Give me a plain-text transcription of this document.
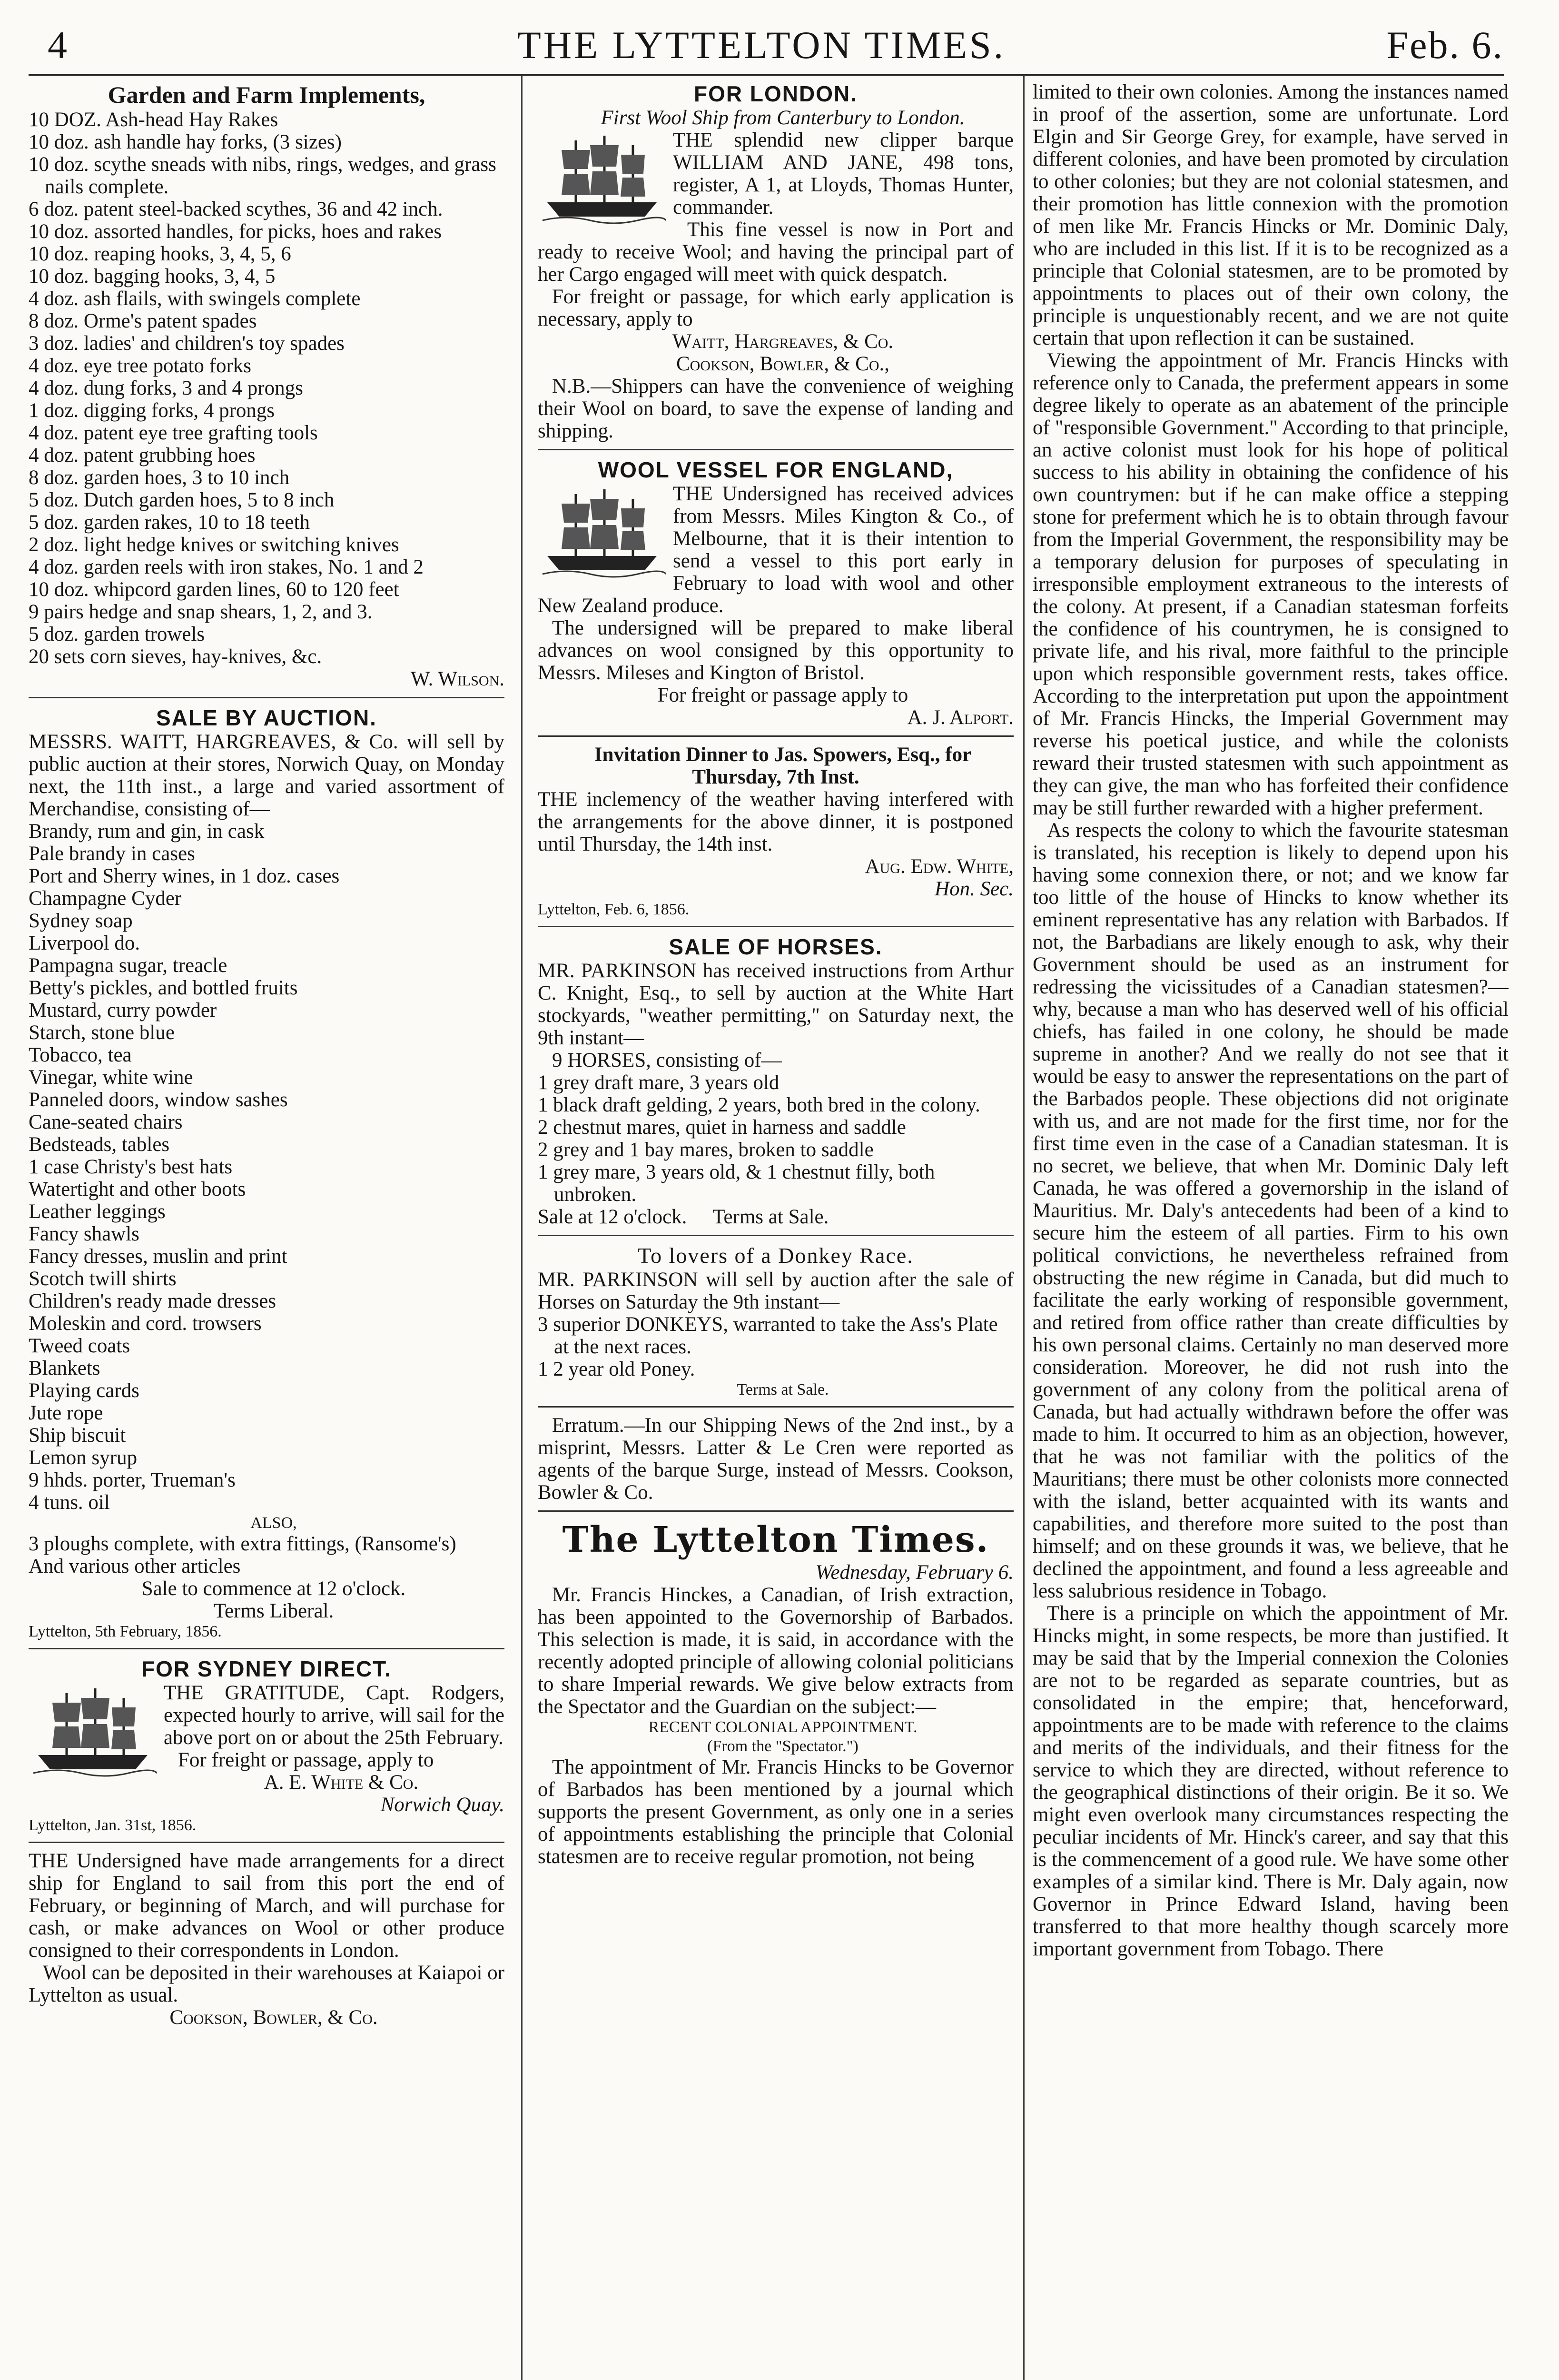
4	THE LYTTELTON TIMES.	Feb. 6.
Garden and Farm Implements,
10 DOZ. Ash-head Hay Rakes
10 doz. ash handle hay forks, (3 sizes)
10 doz. scythe sneads with nibs, rings, wedges, and grass nails complete.
6 doz. patent steel-backed scythes, 36 and 42 inch.
10 doz. assorted handles, for picks, hoes and rakes
10 doz. reaping hooks, 3, 4, 5, 6
10 doz. bagging hooks, 3, 4, 5
4 doz. ash flails, with swingels complete
8 doz. Orme's patent spades
3 doz. ladies' and children's toy spades
4 doz. eye tree potato forks
4 doz. dung forks, 3 and 4 prongs
1 doz. digging forks, 4 prongs
4 doz. patent eye tree grafting tools
4 doz. patent grubbing hoes
8 doz. garden hoes, 3 to 10 inch
5 doz. Dutch garden hoes, 5 to 8 inch
5 doz. garden rakes, 10 to 18 teeth
2 doz. light hedge knives or switching knives
4 doz. garden reels with iron stakes, No. 1 and 2
10 doz. whipcord garden lines, 60 to 120 feet
9 pairs hedge and snap shears, 1, 2, and 3.
5 doz. garden trowels
20 sets corn sieves, hay-knives, &c.

W. Wilson.

SALE BY AUCTION.

MESSRS. WAITT, HARGREAVES, & Co. will sell by public auction at their stores, Norwich Quay, on Monday next, the 11th inst., a large and varied assortment of Merchandise, consisting of—

Brandy, rum and gin, in cask
Pale brandy in cases
Port and Sherry wines, in 1 doz. cases
Champagne Cyder
Sydney soap
Liverpool do.
Pampagna sugar, treacle
Betty's pickles, and bottled fruits
Mustard, curry powder
Starch, stone blue
Tobacco, tea
Vinegar, white wine
Panneled doors, window sashes
Cane-seated chairs
Bedsteads, tables
1 case Christy's best hats
Watertight and other boots
Leather leggings
Fancy shawls
Fancy dresses, muslin and print
Scotch twill shirts
Children's ready made dresses
Moleskin and cord. trowsers
Tweed coats
Blankets
Playing cards
Jute rope
Ship biscuit
Lemon syrup
9 hhds. porter, Trueman's
4 tuns. oil

ALSO,

3 ploughs complete, with extra fittings, (Ransome's)

And various other articles

Sale to commence at 12 o'clock.

Terms Liberal.

Lyttelton, 5th February, 1856.

FOR SYDNEY DIRECT.

THE GRATITUDE, Capt. Rodgers, expected hourly to arrive, will sail for the above port on or about the 25th February.

For freight or passage, apply to

A. E. White & Co.

Norwich Quay.

Lyttelton, Jan. 31st, 1856.

THE Undersigned have made arrangements for a direct ship for England to sail from this port the end of February, or beginning of March, and will purchase for cash, or make advances on Wool or other produce consigned to their correspondents in London.

Wool can be deposited in their warehouses at Kaiapoi or Lyttelton as usual.

Cookson, Bowler, & Co.

FOR LONDON.

First Wool Ship from Canterbury to London.

THE splendid new clipper barque WILLIAM AND JANE, 498 tons, register, A 1, at Lloyds, Thomas Hunter, commander.

This fine vessel is now in Port and ready to receive Wool; and having the principal part of her Cargo engaged will meet with quick despatch.

For freight or passage, for which early application is necessary, apply to

Waitt, Hargreaves, & Co.

Cookson, Bowler, & Co.,

N.B.—Shippers can have the convenience of weighing their Wool on board, to save the expense of landing and shipping.

WOOL VESSEL FOR ENGLAND,

THE Undersigned has received advices from Messrs. Miles Kington & Co., of Melbourne, that it is their intention to send a vessel to this port early in February to load with wool and other New Zealand produce.

The undersigned will be prepared to make liberal advances on wool consigned by this opportunity to Messrs. Mileses and Kington of Bristol.

For freight or passage apply to

A. J. Alport.

Invitation Dinner to Jas. Spowers, Esq., for Thursday, 7th Inst.

THE inclemency of the weather having interfered with the arrangements for the above dinner, it is postponed until Thursday, the 14th inst.

Aug. Edw. White,

Hon. Sec.

Lyttelton, Feb. 6, 1856.

SALE OF HORSES.

MR. PARKINSON has received instructions from Arthur C. Knight, Esq., to sell by auction at the White Hart stockyards, "weather permitting," on Saturday next, the 9th instant—

9 HORSES, consisting of—

1 grey draft mare, 3 years old
1 black draft gelding, 2 years, both bred in the colony.
2 chestnut mares, quiet in harness and saddle
2 grey and 1 bay mares, broken to saddle
1 grey mare, 3 years old, & 1 chestnut filly, both unbroken.

Sale at 12 o'clock. Terms at Sale.

To lovers of a Donkey Race.

MR. PARKINSON will sell by auction after the sale of Horses on Saturday the 9th instant—

3 superior DONKEYS, warranted to take the Ass's Plate at the next races.
1 2 year old Poney.

Terms at Sale.

Erratum.—In our Shipping News of the 2nd inst., by a misprint, Messrs. Latter & Le Cren were reported as agents of the barque Surge, instead of Messrs. Cookson, Bowler & Co.

The Lyttelton Times.

Wednesday, February 6.

Mr. Francis Hinckes, a Canadian, of Irish extraction, has been appointed to the Governorship of Barbados. This selection is made, it is said, in accordance with the recently adopted principle of allowing colonial politicians to share Imperial rewards. We give below extracts from the Spectator and the Guardian on the subject:—

RECENT COLONIAL APPOINTMENT.

(From the "Spectator.")

The appointment of Mr. Francis Hincks to be Governor of Barbados has been mentioned by a journal which supports the present Government, as only one in a series of appointments establishing the principle that Colonial statesmen are to receive regular promotion, not being

limited to their own colonies. Among the instances named in proof of the assertion, some are unfortunate. Lord Elgin and Sir George Grey, for example, have served in different colonies, and have been promoted by circulation to other colonies; but they are not colonial statesmen, and their promotion has little connexion with the promotion of men like Mr. Francis Hincks or Mr. Dominic Daly, who are included in this list. If it is to be recognized as a principle that Colonial statesmen, are to be promoted by appointments to places out of their own colony, the principle is unquestionably recent, and we are not quite certain that upon reflection it can be sustained.

Viewing the appointment of Mr. Francis Hincks with reference only to Canada, the preferment appears in some degree likely to operate as an abatement of the principle of "responsible Government." According to that principle, an active colonist must look for his hope of political success to his ability in obtaining the confidence of his own countrymen: but if he can make office a stepping stone for preferment which he is to obtain through favour from the Imperial Government, the responsibility may be a temporary delusion for purposes of speculating in irresponsible employment extraneous to the interests of the colony. At present, if a Canadian statesman forfeits the confidence of his countrymen, he is consigned to private life, and his rival, more faithful to the principle upon which responsible government rests, takes office. According to the interpretation put upon the appointment of Mr. Francis Hincks, the Imperial Government may reverse his poetical justice, and while the colonists reward their trusted statesmen with such appointment as they can give, the man who has forfeited their confidence may be still further rewarded with a higher preferment.

As respects the colony to which the favourite statesman is translated, his reception is likely to depend upon his having some connexion there, or not; and we know far too little of the house of Hincks to know whether its eminent representative has any relation with Barbados. If not, the Barbadians are likely enough to ask, why their Government should be used as an instrument for redressing the vicissitudes of a Canadian statesmen?—why, because a man who has deserved well of his official chiefs, has failed in one colony, he should be made supreme in another? And we really do not see that it would be easy to answer the representations on the part of the Barbados people. These objections did not originate with us, and are not made for the first time, nor for the first time even in the case of a Canadian statesman. It is no secret, we believe, that when Mr. Dominic Daly left Canada, he was offered a governorship in the island of Mauritius. Mr. Daly's antecedents had been of a kind to secure him the esteem of all parties. Firm to his own political convictions, he nevertheless refrained from obstructing the new régime in Canada, but did much to facilitate the early working of responsible government, and retired from office rather than create difficulties by his own personal claims. Certainly no man deserved more consideration. Moreover, he did not rush into the government of any colony from the political arena of Canada, but had actually withdrawn before the offer was made to him. It occurred to him as an objection, however, that he was not familiar with the politics of the Mauritians; there must be other colonists more connected with the island, better acquainted with its wants and capabilities, and therefore more suited to the post than himself; and on these grounds it was, we believe, that he declined the appointment, and found a less agreeable and less salubrious residence in Tobago.

There is a principle on which the appointment of Mr. Hincks might, in some respects, be more than justified. It may be said that by the Imperial connexion the Colonies are not to be regarded as separate countries, but as consolidated in the empire; that, henceforward, appointments are to be made with reference to the claims and merits of the individuals, and their fitness for the service to which they are directed, without reference to the geographical distinctions of their origin. Be it so. We might even overlook many circumstances respecting the peculiar incidents of Mr. Hinck's career, and say that this is the commencement of a good rule. We have some other examples of a similar kind. There is Mr. Daly again, now Governor in Prince Edward Island, having been transferred to that more healthy though scarcely more important government from Tobago. There
